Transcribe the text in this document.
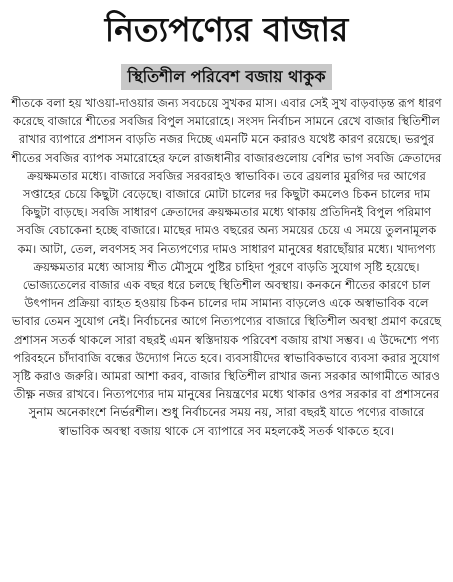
নিত্যপণ্যের বাজার
স্থিতিশীল পরিবেশ বজায় থাকুক

শীতকে বলা হয় খাওয়া-দাওয়ার জন্য সবচেয়ে সুখকর মাস। এবার সেই সুখ বাড়বাড়ন্ত রূপ ধারণ করেছে বাজারে শীতের সবজির বিপুল সমারোহে। সংসদ নির্বাচন সামনে রেখে বাজার স্থিতিশীল রাখার ব্যাপারে প্রশাসন বাড়তি নজর দিচ্ছে এমনটি মনে করারও যথেষ্ট কারণ রয়েছে। ভরপুর শীতের সবজির ব্যাপক সমারোহের ফলে রাজধানীর বাজারগুলোয় বেশির ভাগ সবজি ক্রেতাদের ক্রয়ক্ষমতার মধ্যে। বাজারে সবজির সরবরাহও স্বাভাবিক। তবে ব্রয়লার মুরগির দর আগের সপ্তাহের চেয়ে কিছুটা বেড়েছে। বাজারে মোটা চালের দর কিছুটা কমলেও চিকন চালের দাম কিছুটা বাড়ছে। সবজি সাধারণ ক্রেতাদের ক্রয়ক্ষমতার মধ্যে থাকায় প্রতিদিনই বিপুল পরিমাণ সবজি বেচাকেনা হচ্ছে বাজারে। মাছের দামও বছরের অন্য সময়ের চেয়ে এ সময়ে তুলনামূলক কম। আটা, তেল, লবণসহ সব নিত্যপণ্যের দামও সাধারণ মানুষের ধরাছোঁয়ার মধ্যে। খাদ্যপণ্য ক্রয়ক্ষমতার মধ্যে আসায় শীত মৌসুমে পুষ্টির চাহিদা পূরণে বাড়তি সুযোগ সৃষ্টি হয়েছে। ভোজ্যতেলের বাজার এক বছর ধরে চলছে স্থিতিশীল অবস্থায়। কনকনে শীতের কারণে চাল উৎপাদন প্রক্রিয়া ব্যাহত হওয়ায় চিকন চালের দাম সামান্য বাড়লেও একে অস্বাভাবিক বলে ভাবার তেমন সুযোগ নেই। নির্বাচনের আগে নিত্যপণ্যের বাজারে স্থিতিশীল অবস্থা প্রমাণ করেছে প্রশাসন সতর্ক থাকলে সারা বছরই এমন স্বস্তিদায়ক পরিবেশ বজায় রাখা সম্ভব। এ উদ্দেশ্যে পণ্য পরিবহনে চাঁদাবাজি বন্ধের উদ্যোগ নিতে হবে। ব্যবসায়ীদের স্বাভাবিকভাবে ব্যবসা করার সুযোগ সৃষ্টি করাও জরুরি। আমরা আশা করব, বাজার স্থিতিশীল রাখার জন্য সরকার আগামীতে আরও তীক্ষ্ণ নজর রাখবে। নিত্যপণ্যের দাম মানুষের নিয়ন্ত্রণের মধ্যে থাকার ওপর সরকার বা প্রশাসনের সুনাম অনেকাংশে নির্ভরশীল। শুধু নির্বাচনের সময় নয়, সারা বছরই যাতে পণ্যের বাজারে স্বাভাবিক অবস্থা বজায় থাকে সে ব্যাপারে সব মহলকেই সতর্ক থাকতে হবে।
